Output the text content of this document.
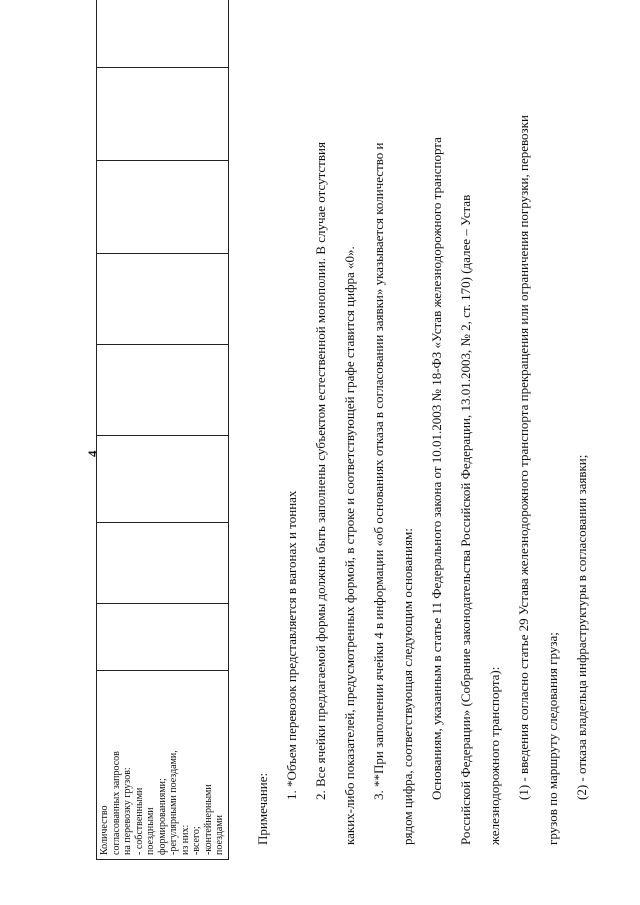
4
Количество согласованных запросов на перевозку грузов: - собственными поездными формированиями; -регулярными поездами, из них: -всего; -контейнерными поездами
										Примечание:

1. *Объем перевозок представляется в вагонах и тоннах	2. Все ячейки предлагаемой формы должны быть заполнены субъектом естественной монополии. В случае отсутствия	каких-либо показателей, предусмотренных формой, в строке и соответствующей графе ставится цифра «0».	3. **При заполнении ячейки 4 в информации «об основаниях отказа в согласовании заявки» указывается количество и	рядом цифра, соответствующая следующим основаниям:	Основаниям, указанным в статье 11 Федерального закона от 10.01.2003 № 18-ФЗ «Устав железнодорожного транспорта	Российской Федерации» (Собрание законодательства Российской Федерации, 13.01.2003, № 2, ст. 170) (далее – Устав	железнодорожного транспорта):	(1) - введения согласно статье 29 Устава железнодорожного транспорта прекращения или ограничения погрузки, перевозки	грузов по маршруту следования груза;	(2) - отказа владельца инфраструктуры в согласовании заявки;
